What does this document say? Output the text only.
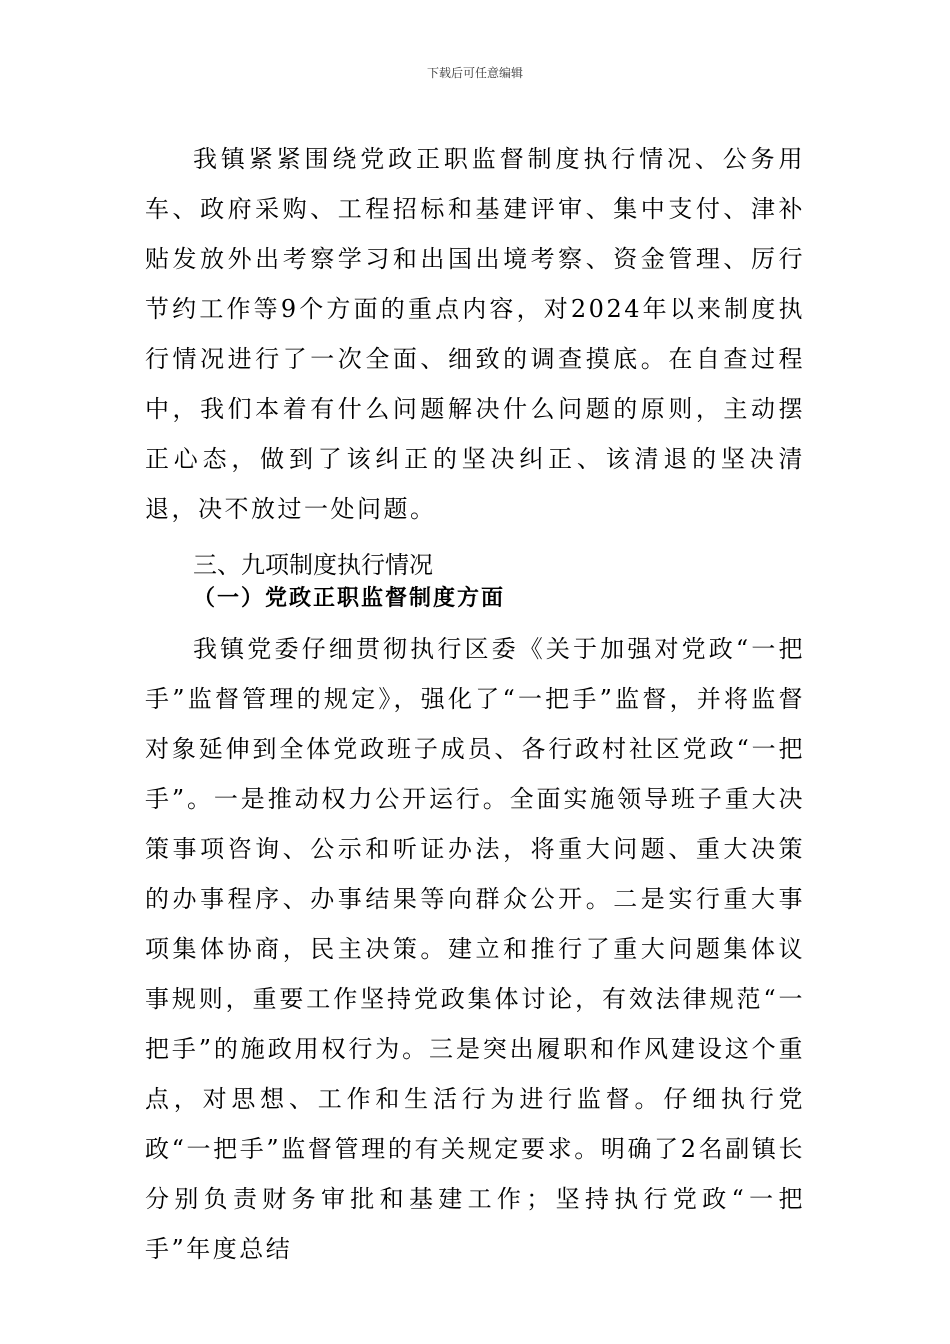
下载后可任意编辑

我镇紧紧围绕党政正职监督制度执行情况、公务用车、政府采购、工程招标和基建评审、集中支付、津补贴发放外出考察学习和出国出境考察、资金管理、厉行节约工作等9个方面的重点内容，对2024年以来制度执行情况进行了一次全面、细致的调查摸底。在自查过程中，我们本着有什么问题解决什么问题的原则，主动摆正心态，做到了该纠正的坚决纠正、该清退的坚决清退，决不放过一处问题。

三、九项制度执行情况

（一）党政正职监督制度方面

我镇党委仔细贯彻执行区委《关于加强对党政“一把手”监督管理的规定》，强化了“一把手”监督，并将监督对象延伸到全体党政班子成员、各行政村社区党政“一把手”。一是推动权力公开运行。全面实施领导班子重大决策事项咨询、公示和听证办法，将重大问题、重大决策的办事程序、办事结果等向群众公开。二是实行重大事项集体协商，民主决策。建立和推行了重大问题集体议事规则，重要工作坚持党政集体讨论，有效法律规范“一把手”的施政用权行为。三是突出履职和作风建设这个重点，对思想、工作和生活行为进行监督。仔细执行党政“一把手”监督管理的有关规定要求。明确了2名副镇长分别负责财务审批和基建工作；坚持执行党政“一把手”年度总结
